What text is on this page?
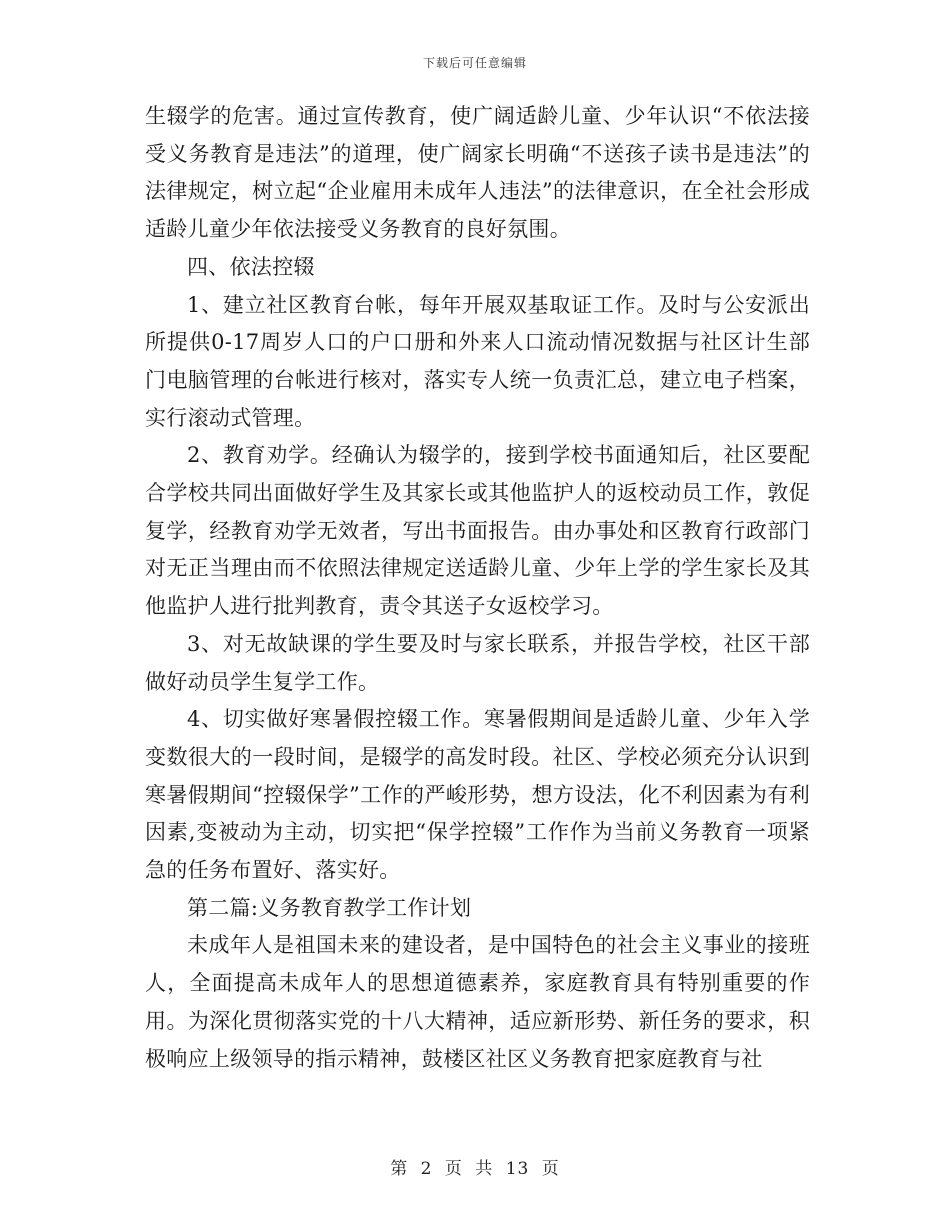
下载后可任意编辑

生辍学的危害。通过宣传教育，使广阔适龄儿童、少年认识“不依法接受义务教育是违法”的道理，使广阔家长明确“不送孩子读书是违法”的法律规定，树立起“企业雇用未成年人违法”的法律意识，在全社会形成适龄儿童少年依法接受义务教育的良好氛围。

四、依法控辍

1、建立社区教育台帐，每年开展双基取证工作。及时与公安派出所提供0-17周岁人口的户口册和外来人口流动情况数据与社区计生部门电脑管理的台帐进行核对，落实专人统一负责汇总，建立电子档案，实行滚动式管理。

2、教育劝学。经确认为辍学的，接到学校书面通知后，社区要配合学校共同出面做好学生及其家长或其他监护人的返校动员工作，敦促复学，经教育劝学无效者，写出书面报告。由办事处和区教育行政部门对无正当理由而不依照法律规定送适龄儿童、少年上学的学生家长及其他监护人进行批判教育，责令其送子女返校学习。

3、对无故缺课的学生要及时与家长联系，并报告学校，社区干部做好动员学生复学工作。

4、切实做好寒暑假控辍工作。寒暑假期间是适龄儿童、少年入学变数很大的一段时间，是辍学的高发时段。社区、学校必须充分认识到寒暑假期间“控辍保学”工作的严峻形势，想方设法，化不利因素为有利因素,变被动为主动，切实把“保学控辍”工作作为当前义务教育一项紧急的任务布置好、落实好。

第二篇:义务教育教学工作计划

未成年人是祖国未来的建设者，是中国特色的社会主义事业的接班人，全面提高未成年人的思想道德素养，家庭教育具有特别重要的作用。为深化贯彻落实党的十八大精神，适应新形势、新任务的要求，积极响应上级领导的指示精神，鼓楼区社区义务教育把家庭教育与社

第 2 页 共 13 页
